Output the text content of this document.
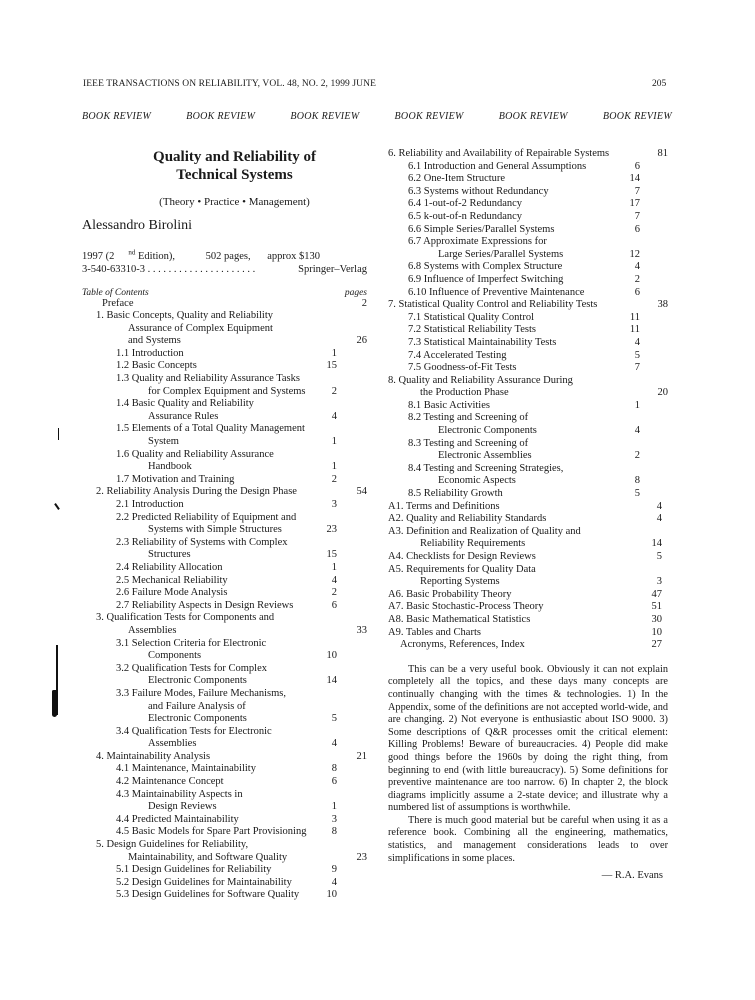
IEEE TRANSACTIONS ON RELIABILITY, VOL. 48, NO. 2, 1999 JUNE	205
BOOK REVIEW	BOOK REVIEW	BOOK REVIEW	BOOK REVIEW	BOOK REVIEW	BOOK REVIEW
Quality and Reliability of
Technical Systems
(Theory • Practice • Management)
Alessandro Birolini
1997 (2 $^{nd}$ Edition),	502 pages, approx $130
3-540-63310-3 . . . . . . . . . . . . . . . . . . . . .	Springer–Verlag
Table of Contents	pages
Preface	2
1. Basic Concepts, Quality and Reliability
Assurance of Complex Equipment
and Systems	26
1.1 Introduction	1
1.2 Basic Concepts	15
1.3 Quality and Reliability Assurance Tasks
for Complex Equipment and Systems	2
1.4 Basic Quality and Reliability
Assurance Rules	4
1.5 Elements of a Total Quality Management
System	1
1.6 Quality and Reliability Assurance
Handbook	1
1.7 Motivation and Training	2
2. Reliability Analysis During the Design Phase	54
2.1 Introduction	3
2.2 Predicted Reliability of Equipment and
Systems with Simple Structures	23
2.3 Reliability of Systems with Complex
Structures	15
2.4 Reliability Allocation	1
2.5 Mechanical Reliability	4
2.6 Failure Mode Analysis	2
2.7 Reliability Aspects in Design Reviews	6
3. Qualification Tests for Components and
Assemblies	33
3.1 Selection Criteria for Electronic
Components	10
3.2 Qualification Tests for Complex
Electronic Components	14
3.3 Failure Modes, Failure Mechanisms,
and Failure Analysis of
Electronic Components	5
3.4 Qualification Tests for Electronic
Assemblies	4
4. Maintainability Analysis	21
4.1 Maintenance, Maintainability	8
4.2 Maintenance Concept	6
4.3 Maintainability Aspects in
Design Reviews	1
4.4 Predicted Maintainability	3
4.5 Basic Models for Spare Part Provisioning	8
5. Design Guidelines for Reliability,
Maintainability, and Software Quality	23
5.1 Design Guidelines for Reliability	9
5.2 Design Guidelines for Maintainability	4
5.3 Design Guidelines for Software Quality	10
6. Reliability and Availability of Repairable Systems	81
6.1 Introduction and General Assumptions	6
6.2 One-Item Structure	14
6.3 Systems without Redundancy	7
6.4 1-out-of-2 Redundancy	17
6.5 k-out-of-n Redundancy	7
6.6 Simple Series/Parallel Systems	6
6.7 Approximate Expressions for
Large Series/Parallel Systems	12
6.8 Systems with Complex Structure	4
6.9 Influence of Imperfect Switching	2
6.10 Influence of Preventive Maintenance	6
7. Statistical Quality Control and Reliability Tests	38
7.1 Statistical Quality Control	11
7.2 Statistical Reliability Tests	11
7.3 Statistical Maintainability Tests	4
7.4 Accelerated Testing	5
7.5 Goodness-of-Fit Tests	7
8. Quality and Reliability Assurance During
the Production Phase	20
8.1 Basic Activities	1
8.2 Testing and Screening of
Electronic Components	4
8.3 Testing and Screening of
Electronic Assemblies	2
8.4 Testing and Screening Strategies,
Economic Aspects	8
8.5 Reliability Growth	5
A1. Terms and Definitions	4
A2. Quality and Reliability Standards	4
A3. Definition and Realization of Quality and
Reliability Requirements	14
A4. Checklists for Design Reviews	5
A5. Requirements for Quality Data
Reporting Systems	3
A6. Basic Probability Theory	47
A7. Basic Stochastic-Process Theory	51
A8. Basic Mathematical Statistics	30
A9. Tables and Charts	10
Acronyms, References, Index	27

This can be a very useful book. Obviously it can not explain completely all the topics, and these days many concepts are continually changing with the times & technologies. 1) In the Appendix, some of the definitions are not accepted world-wide, and are changing. 2) Not everyone is enthusiastic about ISO 9000. 3) Some descriptions of Q&R processes omit the critical element: Killing Problems! Beware of bureaucracies. 4) People did make good things before the 1960s by doing the right thing, from beginning to end (with little bureaucracy). 5) Some definitions for preventive maintenance are too narrow. 6) In chapter 2, the block diagrams implicitly assume a 2-state device; and illustrate why a numbered list of assumptions is worthwhile.

There is much good material but be careful when using it as a reference book. Combining all the engineering, mathematics, statistics, and management considerations leads to over simplifications in some places.

— R.A. Evans
